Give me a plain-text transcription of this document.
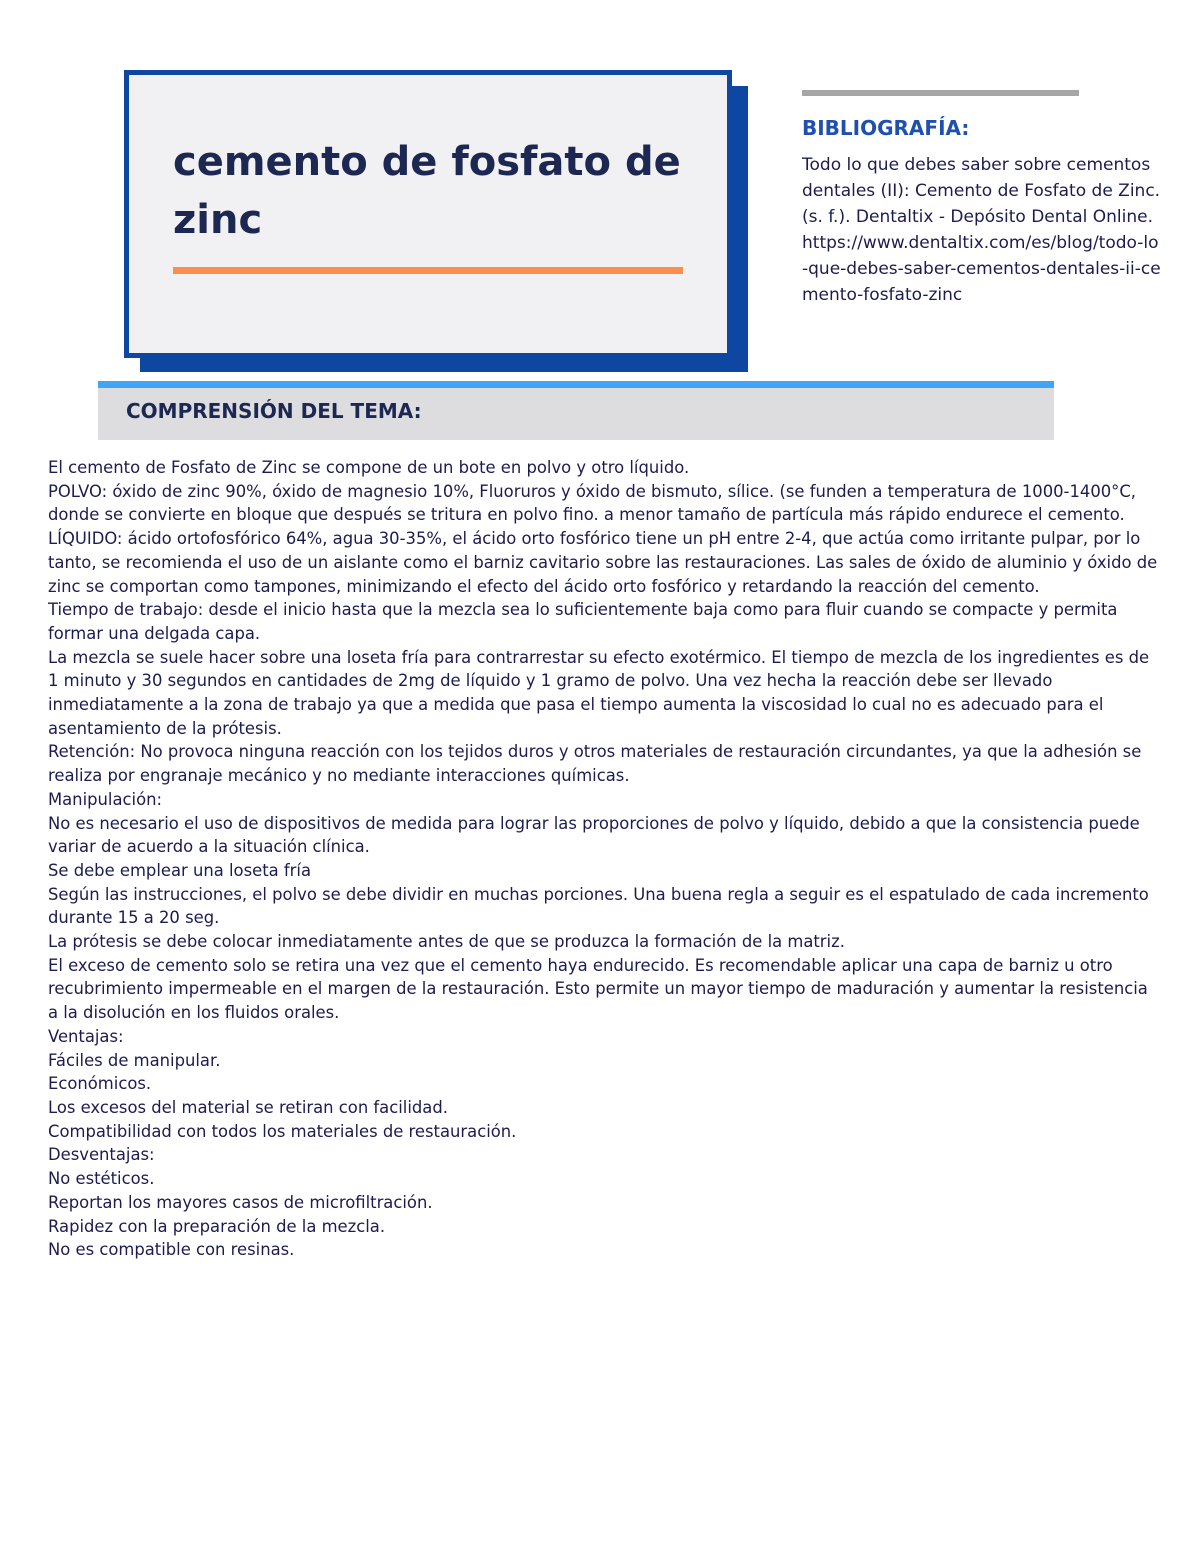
cemento de fosfato de zinc
BIBLIOGRAFÍA:
Todo lo que debes saber sobre cementos dentales (II): Cemento de Fosfato de Zinc. (s. f.). Dentaltix - Depósito Dental Online. https://www.dentaltix.com/es/blog/todo-lo-que-debes-saber-cementos-dentales-ii-cemento-fosfato-zinc
COMPRENSIÓN DEL TEMA:

El cemento de Fosfato de Zinc se compone de un bote en polvo y otro líquido.

POLVO: óxido de zinc 90%, óxido de magnesio 10%, Fluoruros y óxido de bismuto, sílice. (se funden a temperatura de 1000-1400°C, donde se convierte en bloque que después se tritura en polvo fino. a menor tamaño de partícula más rápido endurece el cemento.

LÍQUIDO: ácido ortofosfórico 64%, agua 30-35%, el ácido orto fosfórico tiene un pH entre 2-4, que actúa como irritante pulpar, por lo tanto, se recomienda el uso de un aislante como el barniz cavitario sobre las restauraciones. Las sales de óxido de aluminio y óxido de zinc se comportan como tampones, minimizando el efecto del ácido orto fosfórico y retardando la reacción del cemento.

Tiempo de trabajo: desde el inicio hasta que la mezcla sea lo suficientemente baja como para fluir cuando se compacte y permita formar una delgada capa.

La mezcla se suele hacer sobre una loseta fría para contrarrestar su efecto exotérmico. El tiempo de mezcla de los ingredientes es de 1 minuto y 30 segundos en cantidades de 2mg de líquido y 1 gramo de polvo. Una vez hecha la reacción debe ser llevado inmediatamente a la zona de trabajo ya que a medida que pasa el tiempo aumenta la viscosidad lo cual no es adecuado para el asentamiento de la prótesis.

Retención: No provoca ninguna reacción con los tejidos duros y otros materiales de restauración circundantes, ya que la adhesión se realiza por engranaje mecánico y no mediante interacciones químicas.

Manipulación:

No es necesario el uso de dispositivos de medida para lograr las proporciones de polvo y líquido, debido a que la consistencia puede variar de acuerdo a la situación clínica.

Se debe emplear una loseta fría

Según las instrucciones, el polvo se debe dividir en muchas porciones. Una buena regla a seguir es el espatulado de cada incremento durante 15 a 20 seg.

La prótesis se debe colocar inmediatamente antes de que se produzca la formación de la matriz.

El exceso de cemento solo se retira una vez que el cemento haya endurecido. Es recomendable aplicar una capa de barniz u otro recubrimiento impermeable en el margen de la restauración. Esto permite un mayor tiempo de maduración y aumentar la resistencia a la disolución en los fluidos orales.

Ventajas:

Fáciles de manipular.

Económicos.

Los excesos del material se retiran con facilidad.

Compatibilidad con todos los materiales de restauración.

Desventajas:

No estéticos.

Reportan los mayores casos de microfiltración.

Rapidez con la preparación de la mezcla.

No es compatible con resinas.
